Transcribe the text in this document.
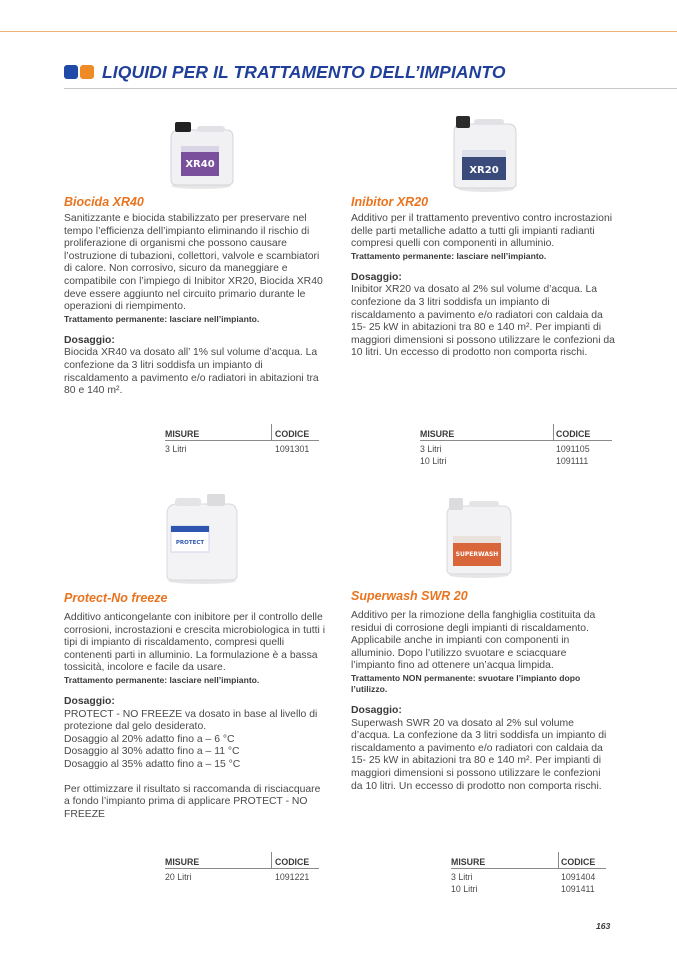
LIQUIDI PER IL TRATTAMENTO DELL’IMPIANTO
XR40
XR20
PROTECT
SUPERWASH
Biocida XR40
Sanitizzante e biocida stabilizzato per preservare nel tempo l’efficienza dell’impianto eliminando il rischio di proliferazione di organismi che possono causare l’ostruzione di tubazioni, collettori, valvole e scambiatori di calore. Non corrosivo, sicuro da maneggiare e compatibile con l’impiego di Inibitor XR20, Biocida XR40 deve essere aggiunto nel circuito primario durante le operazioni di riempimento.
Trattamento permanente: lasciare nell’impianto.
Dosaggio:
Biocida XR40 va dosato all’ 1% sul volume d’acqua. La confezione da 3 litri soddisfa un impianto di riscaldamento a pavimento e/o radiatori in abitazioni tra 80 e 140 m².
MISURE	CODICE
3 Litri	1091301
Inibitor XR20
Additivo per il trattamento preventivo contro incrostazioni delle parti metalliche adatto a tutti gli impianti radianti compresi quelli con componenti in alluminio.
Trattamento permanente: lasciare nell’impianto.
Dosaggio:
Inibitor XR20 va dosato al 2% sul volume d’acqua. La confezione da 3 litri soddisfa un impianto di riscaldamento a pavimento e/o radiatori con caldaia da 15- 25 kW in abitazioni tra 80 e 140 m². Per impianti di maggiori dimensioni si possono utilizzare le confezioni da 10 litri. Un eccesso di prodotto non comporta rischi.
MISURE	CODICE
3 Litri	1091105
10 Litri	1091111
Protect-No freeze
Additivo anticongelante con inibitore per il controllo delle corrosioni, incrostazioni e crescita microbiologica in tutti i tipi di impianto di riscaldamento, compresi quelli contenenti parti in alluminio. La formulazione è a bassa tossicità, incolore e facile da usare.
Trattamento permanente: lasciare nell’impianto.
Dosaggio:
PROTECT - NO FREEZE va dosato in base al livello di protezione dal gelo desiderato.
Dosaggio al 20% adatto fino a – 6 °C
Dosaggio al 30% adatto fino a – 11 °C
Dosaggio al 35% adatto fino a – 15 °C
Per ottimizzare il risultato si raccomanda di risciacquare a fondo l’impianto prima di applicare PROTECT - NO FREEZE
MISURE	CODICE
20 Litri	1091221
Superwash SWR 20
Additivo per la rimozione della fanghiglia costituita da residui di corrosione degli impianti di riscaldamento. Applicabile anche in impianti con componenti in alluminio. Dopo l’utilizzo svuotare e sciacquare l’impianto fino ad ottenere un’acqua limpida.
Trattamento NON permanente: svuotare l’impianto dopo l’utilizzo.
Dosaggio:
Superwash SWR 20 va dosato al 2% sul volume d’acqua. La confezione da 3 litri soddisfa un impianto di riscaldamento a pavimento e/o radiatori con caldaia da 15- 25 kW in abitazioni tra 80 e 140 m². Per impianti di maggiori dimensioni si possono utilizzare le confezioni da 10 litri. Un eccesso di prodotto non comporta rischi.
MISURE	CODICE
3 Litri	1091404
10 Litri	1091411
163
